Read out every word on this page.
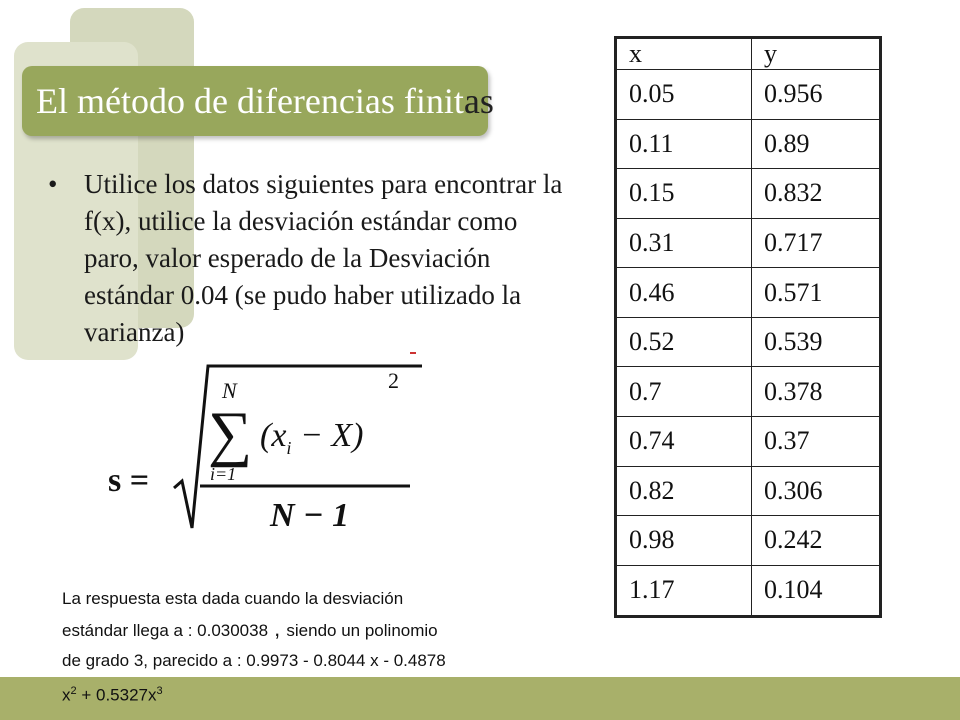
El método de diferencias finitas
• Utilice los datos siguientes para encontrar la f(x), utilice la desviación estándar como paro, valor esperado de la Desviación estándar 0.04 (se pudo haber utilizado la varianza)
s =
N
∑
i=1
$(x_i - X)$
2
N − 1
x	y
0.05	0.956
0.11	0.89
0.15	0.832
0.31	0.717
0.46	0.571
0.52	0.539
0.7	0.378
0.74	0.37
0.82	0.306
0.98	0.242
1.17	0.104

La respuesta esta dada cuando la desviación

estándar llega a : 0.030038 , siendo un polinomio

de grado 3, parecido a : 0.9973 - 0.8044 x - 0.4878

$x^2 + 0.5327x^3$
